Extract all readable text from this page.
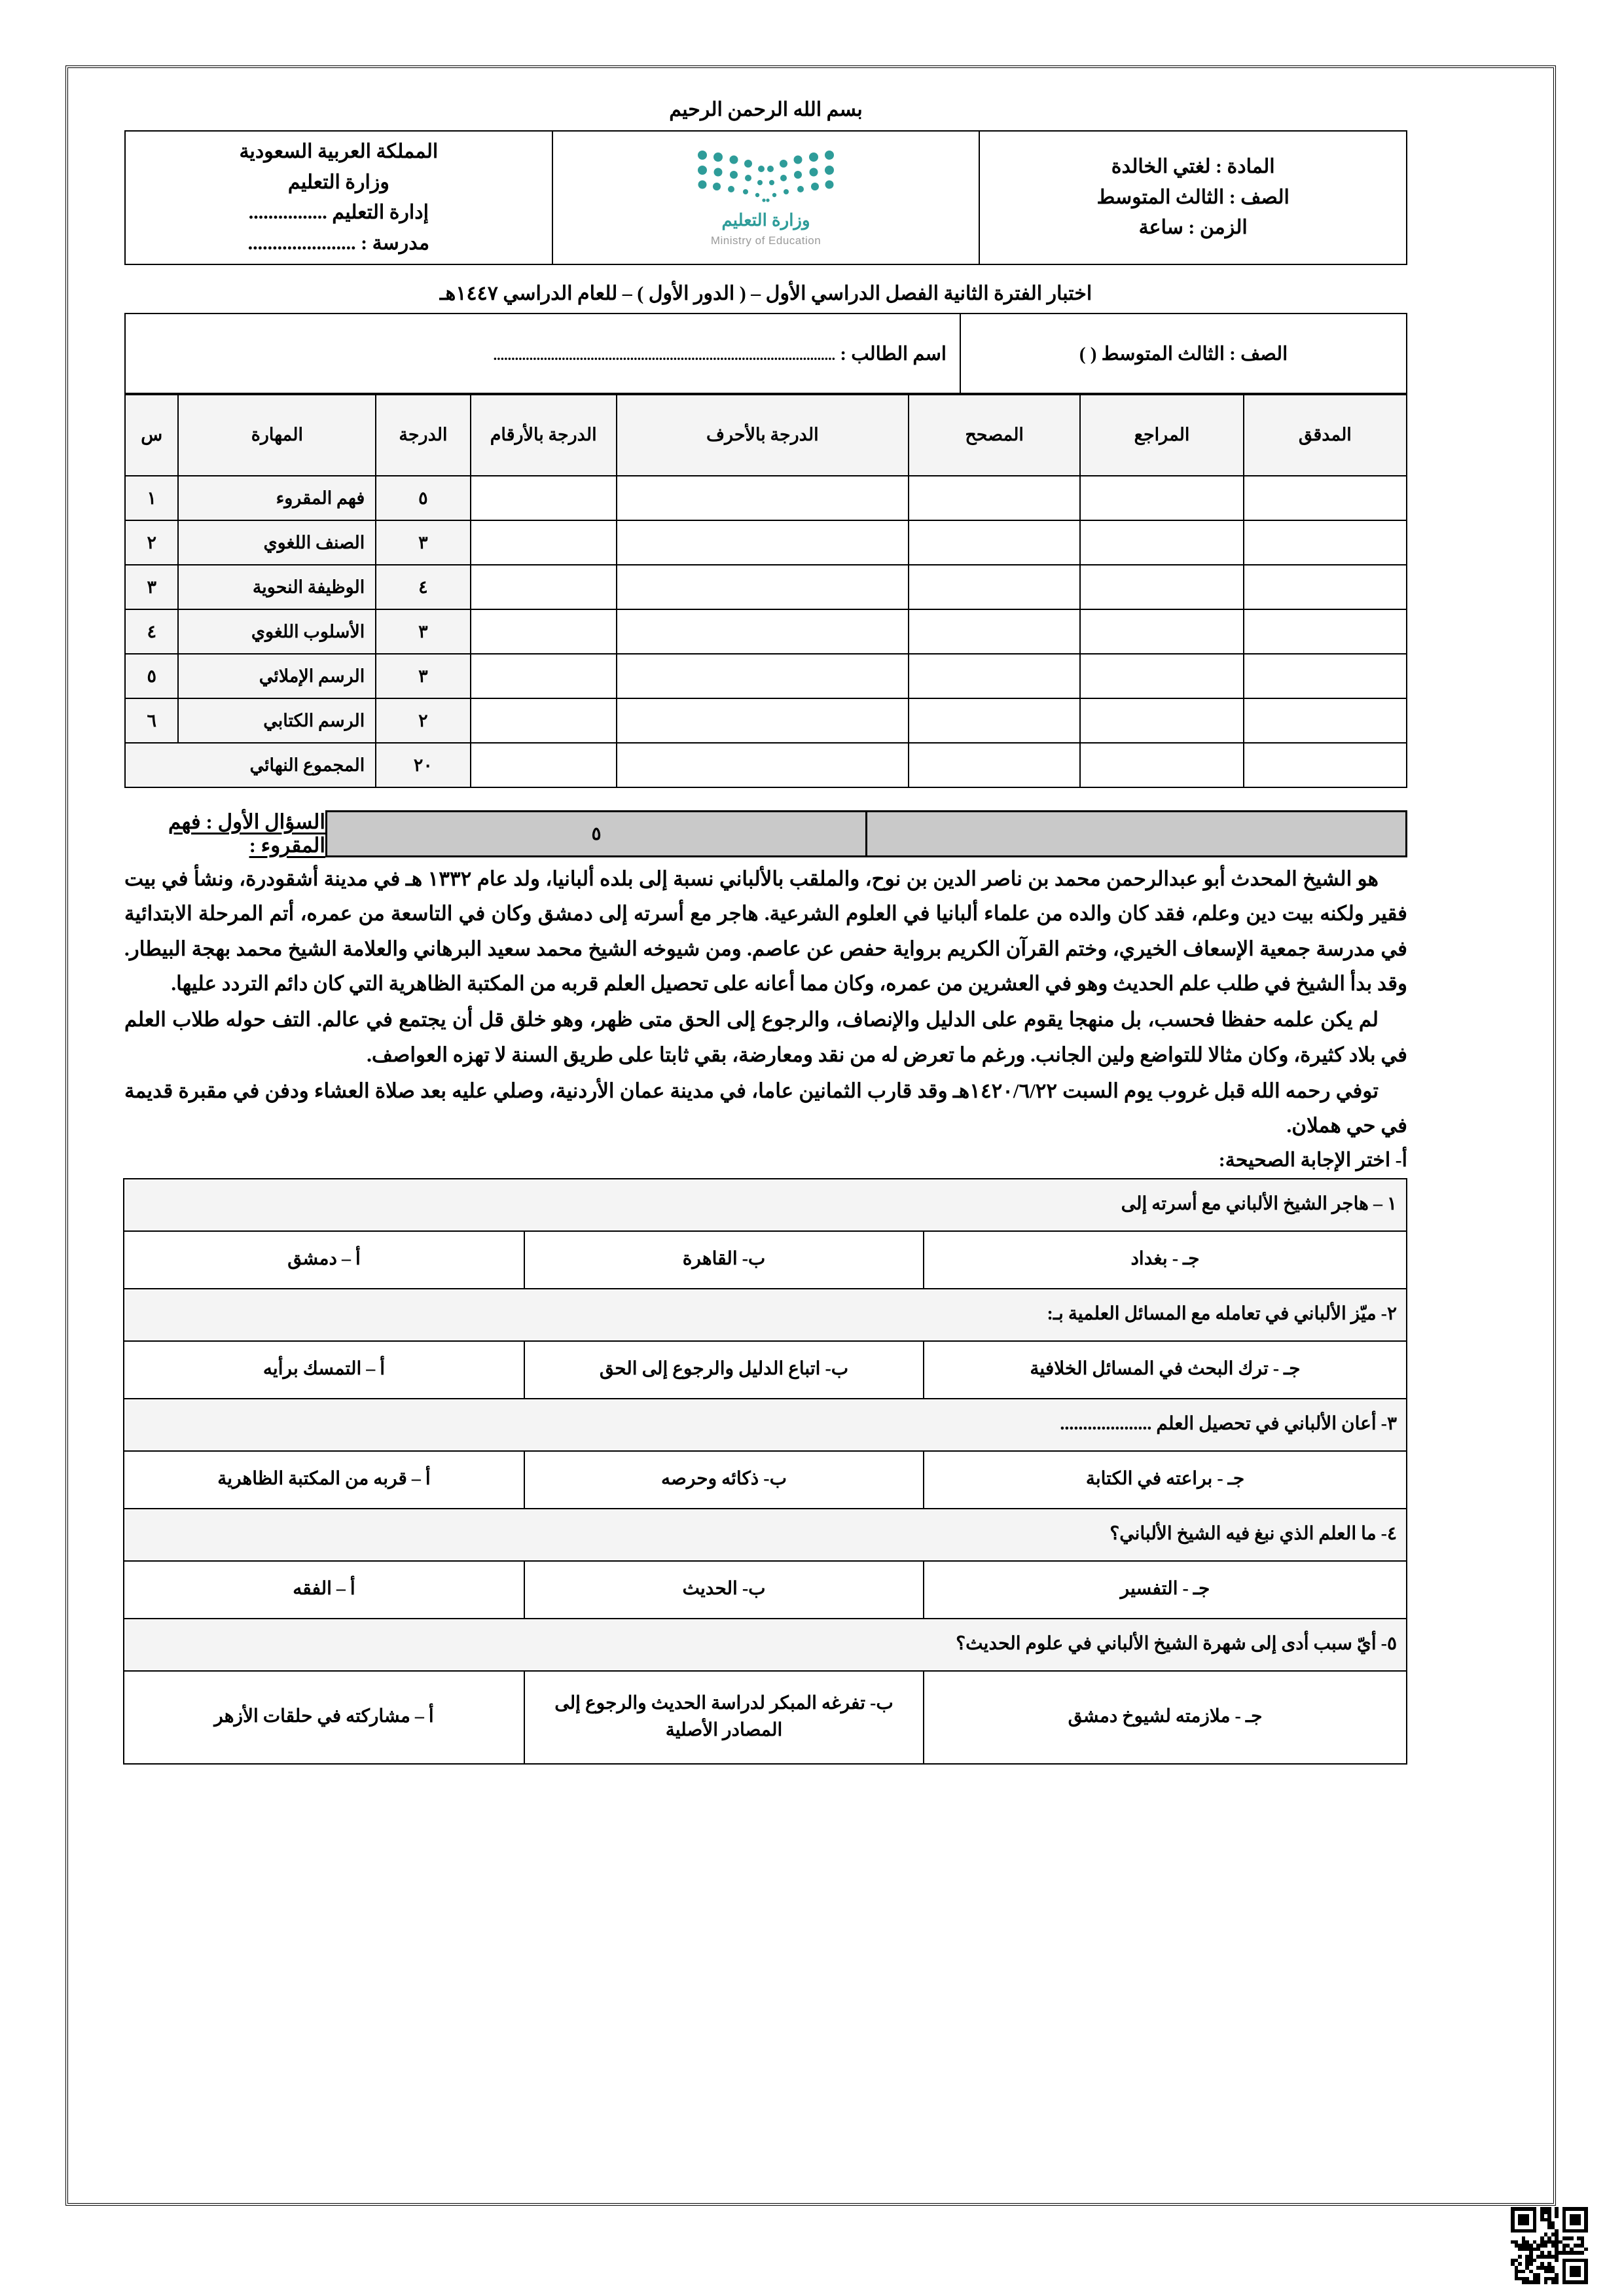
بسم الله الرحمن الرحيم
المادة : لغتي الخالدة
الصف : الثالث المتوسط
الزمن : ساعة

وزارة التعليم
Ministry of Education

المملكة العربية السعودية
وزارة التعليم
إدارة التعليم ................
مدرسة : ......................
اختبار الفترة الثانية الفصل الدراسي الأول – ( الدور الأول ) – للعام الدراسي ١٤٤٧هـ
الصف : الثالث المتوسط ( )	اسم الطالب : ...............................................................................................
المدقق	المراجع	المصحح	الدرجة بالأحرف	الدرجة بالأرقام	الدرجة	المهارة	س
					٥	فهم المقروء	١
					٣	الصنف اللغوي	٢
					٤	الوظيفة النحوية	٣
					٣	الأسلوب اللغوي	٤
					٣	الرسم الإملائي	٥
					٢	الرسم الكتابي	٦
					٢٠	المجموع النهائي	
	٥
السؤال الأول : فهم المقروء :

هو الشيخ المحدث أبو عبدالرحمن محمد بن ناصر الدين بن نوح، والملقب بالألباني نسبة إلى بلده ألبانيا، ولد عام ١٣٣٢ هـ في مدينة أشقودرة، ونشأ في بيت فقير ولكنه بيت دين وعلم، فقد كان والده من علماء ألبانيا في العلوم الشرعية. هاجر مع أسرته إلى دمشق وكان في التاسعة من عمره، أتم المرحلة الابتدائية في مدرسة جمعية الإسعاف الخيري، وختم القرآن الكريم برواية حفص عن عاصم. ومن شيوخه الشيخ محمد سعيد البرهاني والعلامة الشيخ محمد بهجة البيطار. وقد بدأ الشيخ في طلب علم الحديث وهو في العشرين من عمره، وكان مما أعانه على تحصيل العلم قربه من المكتبة الظاهرية التي كان دائم التردد عليها.

لم يكن علمه حفظا فحسب، بل منهجا يقوم على الدليل والإنصاف، والرجوع إلى الحق متى ظهر، وهو خلق قل أن يجتمع في عالم. التف حوله طلاب العلم في بلاد كثيرة، وكان مثالا للتواضع ولين الجانب. ورغم ما تعرض له من نقد ومعارضة، بقي ثابتا على طريق السنة لا تهزه العواصف.

توفي رحمه الله قبل غروب يوم السبت ١٤٢٠/٦/٢٢هـ وقد قارب الثمانين عاما، في مدينة عمان الأردنية، وصلي عليه بعد صلاة العشاء ودفن في مقبرة قديمة في حي هملان.

أ‌- اختر الإجابة الصحيحة:
١ – هاجر الشيخ الألباني مع أسرته إلى		
جـ - بغداد	ب- القاهرة	أ – دمشق
٢- ميّز الألباني في تعامله مع المسائل العلمية بـ:		
جـ - ترك البحث في المسائل الخلافية	ب- اتباع الدليل والرجوع إلى الحق	أ – التمسك برأيه
٣- أعان الألباني في تحصيل العلم ....................		
جـ - براعته في الكتابة	ب- ذكائه وحرصه	أ – قربه من المكتبة الظاهرية
٤- ما العلم الذي نبغ فيه الشيخ الألباني؟		
جـ - التفسير	ب- الحديث	أ – الفقه
٥- أيّ سبب أدى إلى شهرة الشيخ الألباني في علوم الحديث؟		
جـ - ملازمته لشيوخ دمشق	ب- تفرغه المبكر لدراسة الحديث والرجوع إلى المصادر الأصلية	أ – مشاركته في حلقات الأزهر
